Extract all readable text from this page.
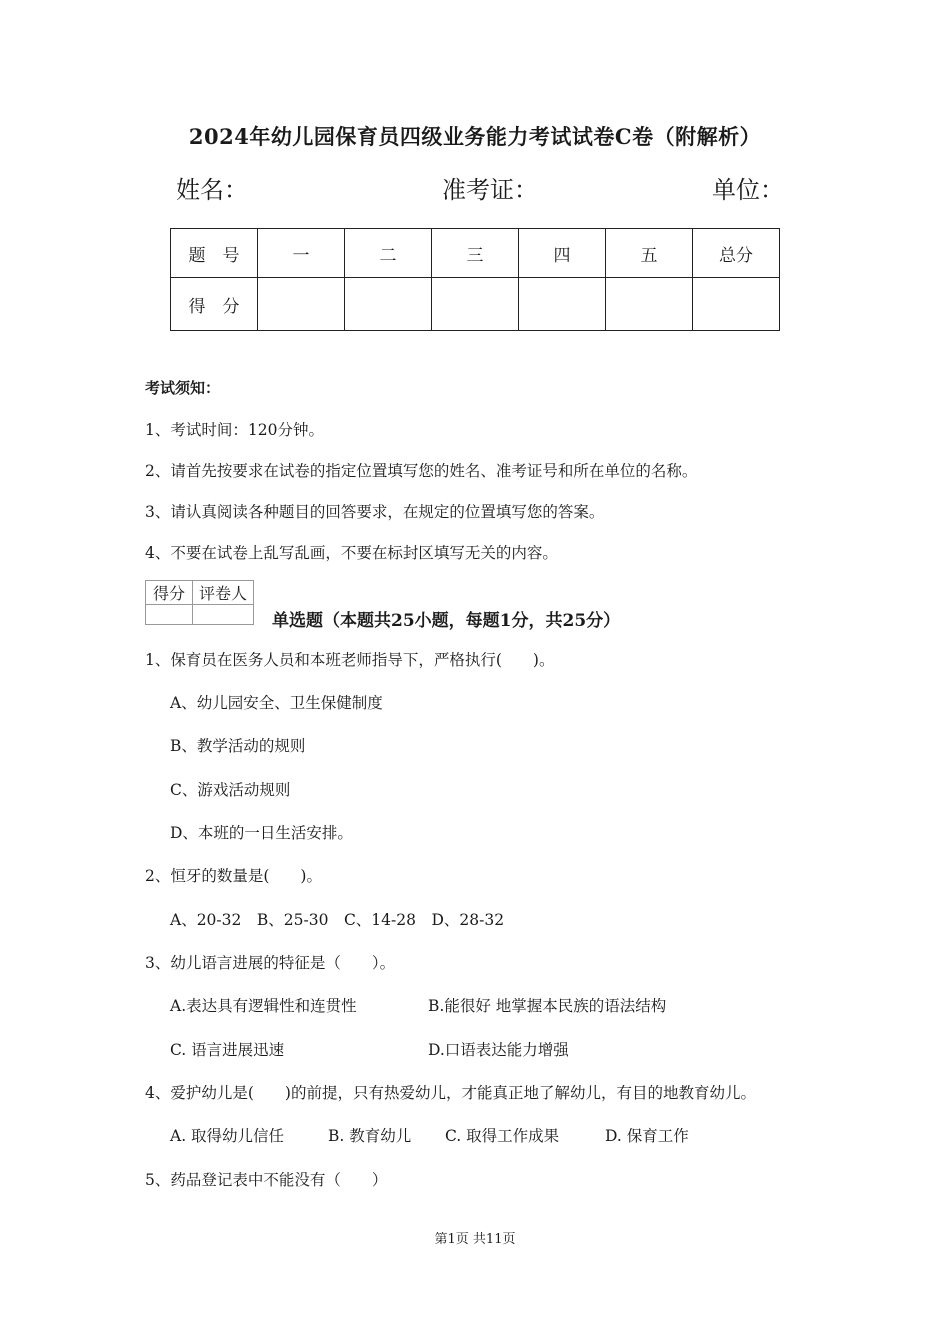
2024年幼儿园保育员四级业务能力考试试卷C卷（附解析）
姓名：	准考证：	单位：
题　号	一	二	三	四	五	总分
得　分						
考试须知：
1、考试时间：120分钟。
2、请首先按要求在试卷的指定位置填写您的姓名、准考证号和所在单位的名称。
3、请认真阅读各种题目的回答要求，在规定的位置填写您的答案。
4、不要在试卷上乱写乱画，不要在标封区填写无关的内容。
得分	评卷人

单选题（本题共25小题，每题1分，共25分）
1、保育员在医务人员和本班老师指导下，严格执行(　　)。
A、幼儿园安全、卫生保健制度
B、教学活动的规则
C、游戏活动规则
D、本班的一日生活安排。
2、恒牙的数量是(　　)。
A、20-32　B、25-30　C、14-28　D、28-32
3、幼儿语言进展的特征是（　　）。
A.表达具有逻辑性和连贯性	B.能很好 地掌握本民族的语法结构
C. 语言进展迅速	D.口语表达能力增强
4、爱护幼儿是(　　)的前提，只有热爱幼儿，才能真正地了解幼儿，有目的地教育幼儿。
A. 取得幼儿信任	B. 教育幼儿 C. 取得工作成果	D. 保育工作
5、药品登记表中不能没有（　　）
第1页 共11页
